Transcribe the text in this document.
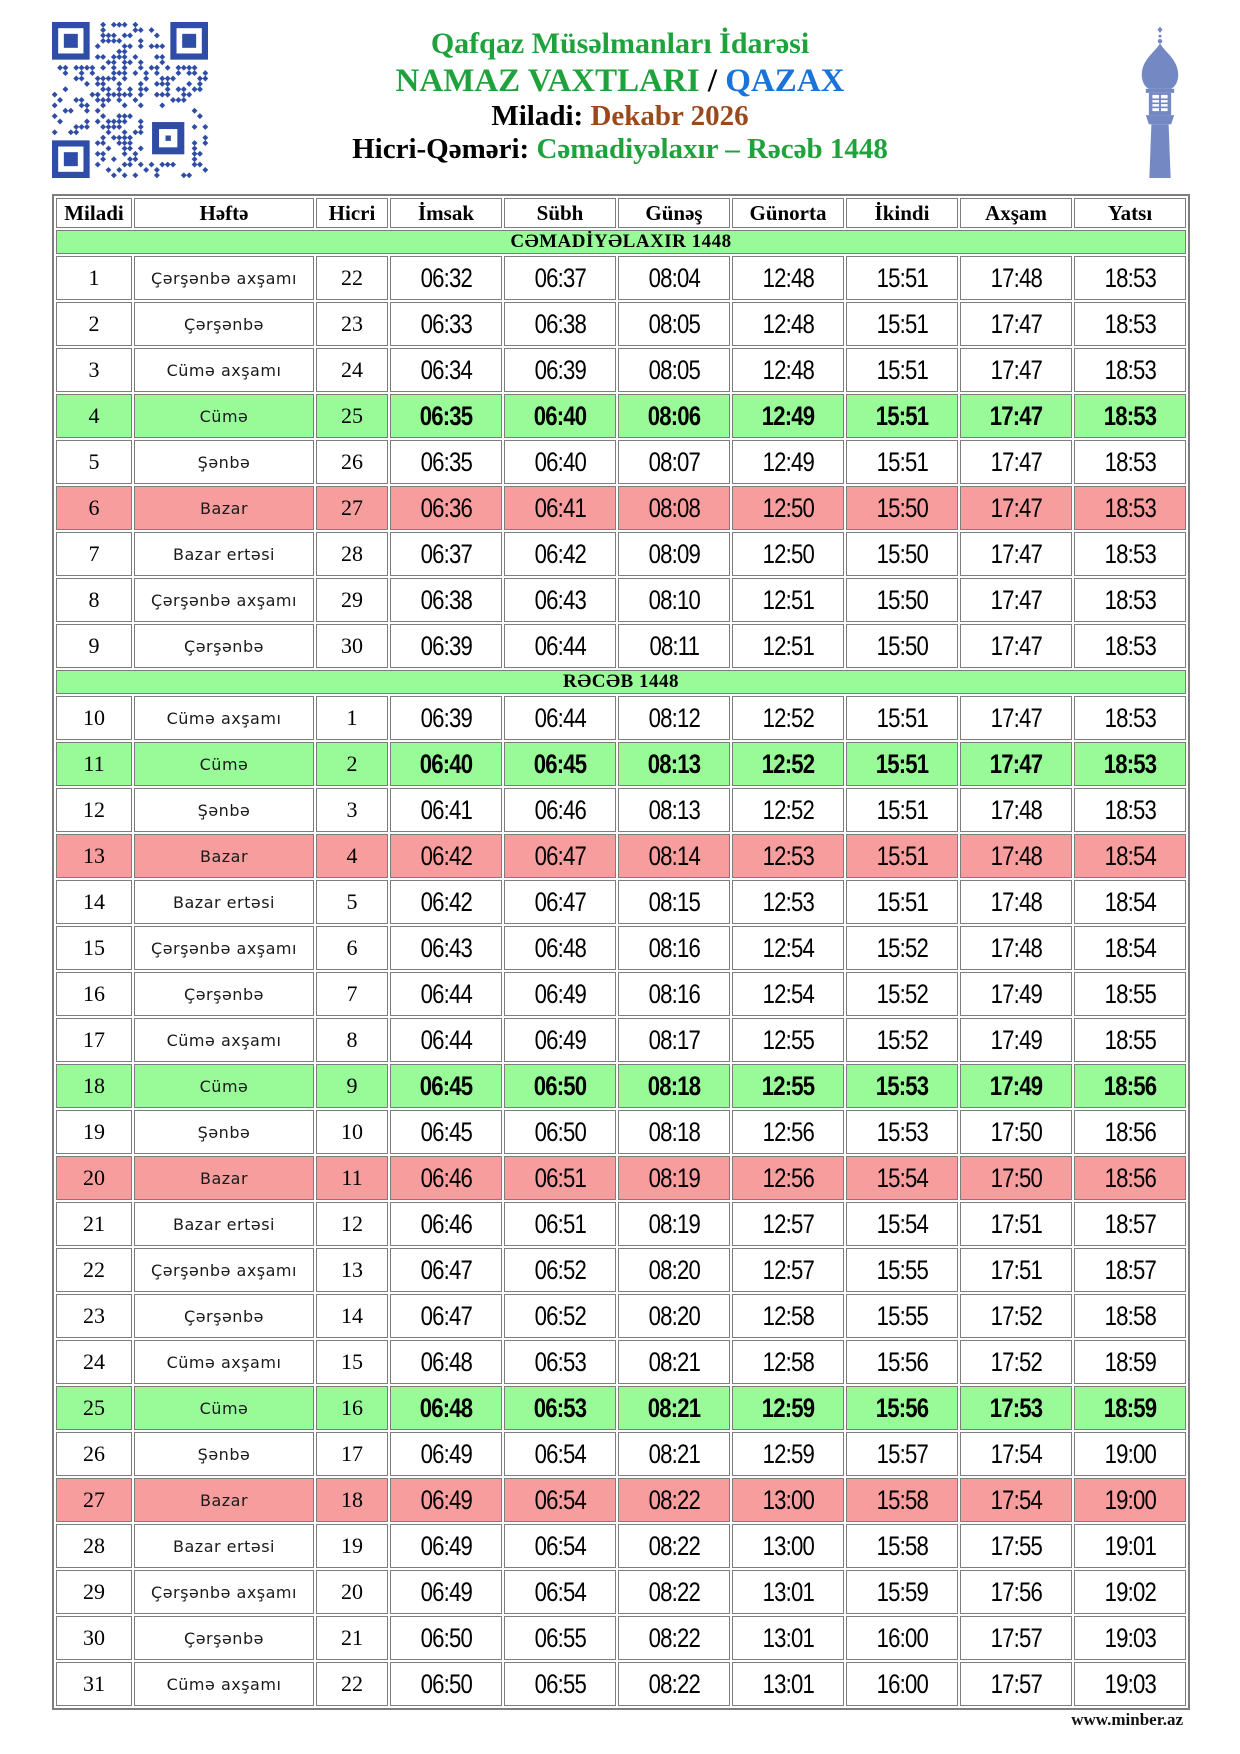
Qafqaz Müsəlmanları İdarəsi
NAMAZ VAXTLARI / QAZAX
Miladi: Dekabr 2026
Hicri-Qəməri: Cəmadiyəlaxır – Rəcəb 1448
Miladi	Həftə	Hicri	İmsak	Sübh	Günəş	Günorta	İkindi	Axşam	Yatsı
CƏMADİYƏLAXIR 1448									
1	Çərşənbə axşamı	22	06:32	06:37	08:04	12:48	15:51	17:48	18:53
2	Çərşənbə	23	06:33	06:38	08:05	12:48	15:51	17:47	18:53
3	Cümə axşamı	24	06:34	06:39	08:05	12:48	15:51	17:47	18:53
4	Cümə	25	06:35	06:40	08:06	12:49	15:51	17:47	18:53
5	Şənbə	26	06:35	06:40	08:07	12:49	15:51	17:47	18:53
6	Bazar	27	06:36	06:41	08:08	12:50	15:50	17:47	18:53
7	Bazar ertəsi	28	06:37	06:42	08:09	12:50	15:50	17:47	18:53
8	Çərşənbə axşamı	29	06:38	06:43	08:10	12:51	15:50	17:47	18:53
9	Çərşənbə	30	06:39	06:44	08:11	12:51	15:50	17:47	18:53
RƏCƏB 1448									
10	Cümə axşamı	1	06:39	06:44	08:12	12:52	15:51	17:47	18:53
11	Cümə	2	06:40	06:45	08:13	12:52	15:51	17:47	18:53
12	Şənbə	3	06:41	06:46	08:13	12:52	15:51	17:48	18:53
13	Bazar	4	06:42	06:47	08:14	12:53	15:51	17:48	18:54
14	Bazar ertəsi	5	06:42	06:47	08:15	12:53	15:51	17:48	18:54
15	Çərşənbə axşamı	6	06:43	06:48	08:16	12:54	15:52	17:48	18:54
16	Çərşənbə	7	06:44	06:49	08:16	12:54	15:52	17:49	18:55
17	Cümə axşamı	8	06:44	06:49	08:17	12:55	15:52	17:49	18:55
18	Cümə	9	06:45	06:50	08:18	12:55	15:53	17:49	18:56
19	Şənbə	10	06:45	06:50	08:18	12:56	15:53	17:50	18:56
20	Bazar	11	06:46	06:51	08:19	12:56	15:54	17:50	18:56
21	Bazar ertəsi	12	06:46	06:51	08:19	12:57	15:54	17:51	18:57
22	Çərşənbə axşamı	13	06:47	06:52	08:20	12:57	15:55	17:51	18:57
23	Çərşənbə	14	06:47	06:52	08:20	12:58	15:55	17:52	18:58
24	Cümə axşamı	15	06:48	06:53	08:21	12:58	15:56	17:52	18:59
25	Cümə	16	06:48	06:53	08:21	12:59	15:56	17:53	18:59
26	Şənbə	17	06:49	06:54	08:21	12:59	15:57	17:54	19:00
27	Bazar	18	06:49	06:54	08:22	13:00	15:58	17:54	19:00
28	Bazar ertəsi	19	06:49	06:54	08:22	13:00	15:58	17:55	19:01
29	Çərşənbə axşamı	20	06:49	06:54	08:22	13:01	15:59	17:56	19:02
30	Çərşənbə	21	06:50	06:55	08:22	13:01	16:00	17:57	19:03
31	Cümə axşamı	22	06:50	06:55	08:22	13:01	16:00	17:57	19:03
www.minber.az
